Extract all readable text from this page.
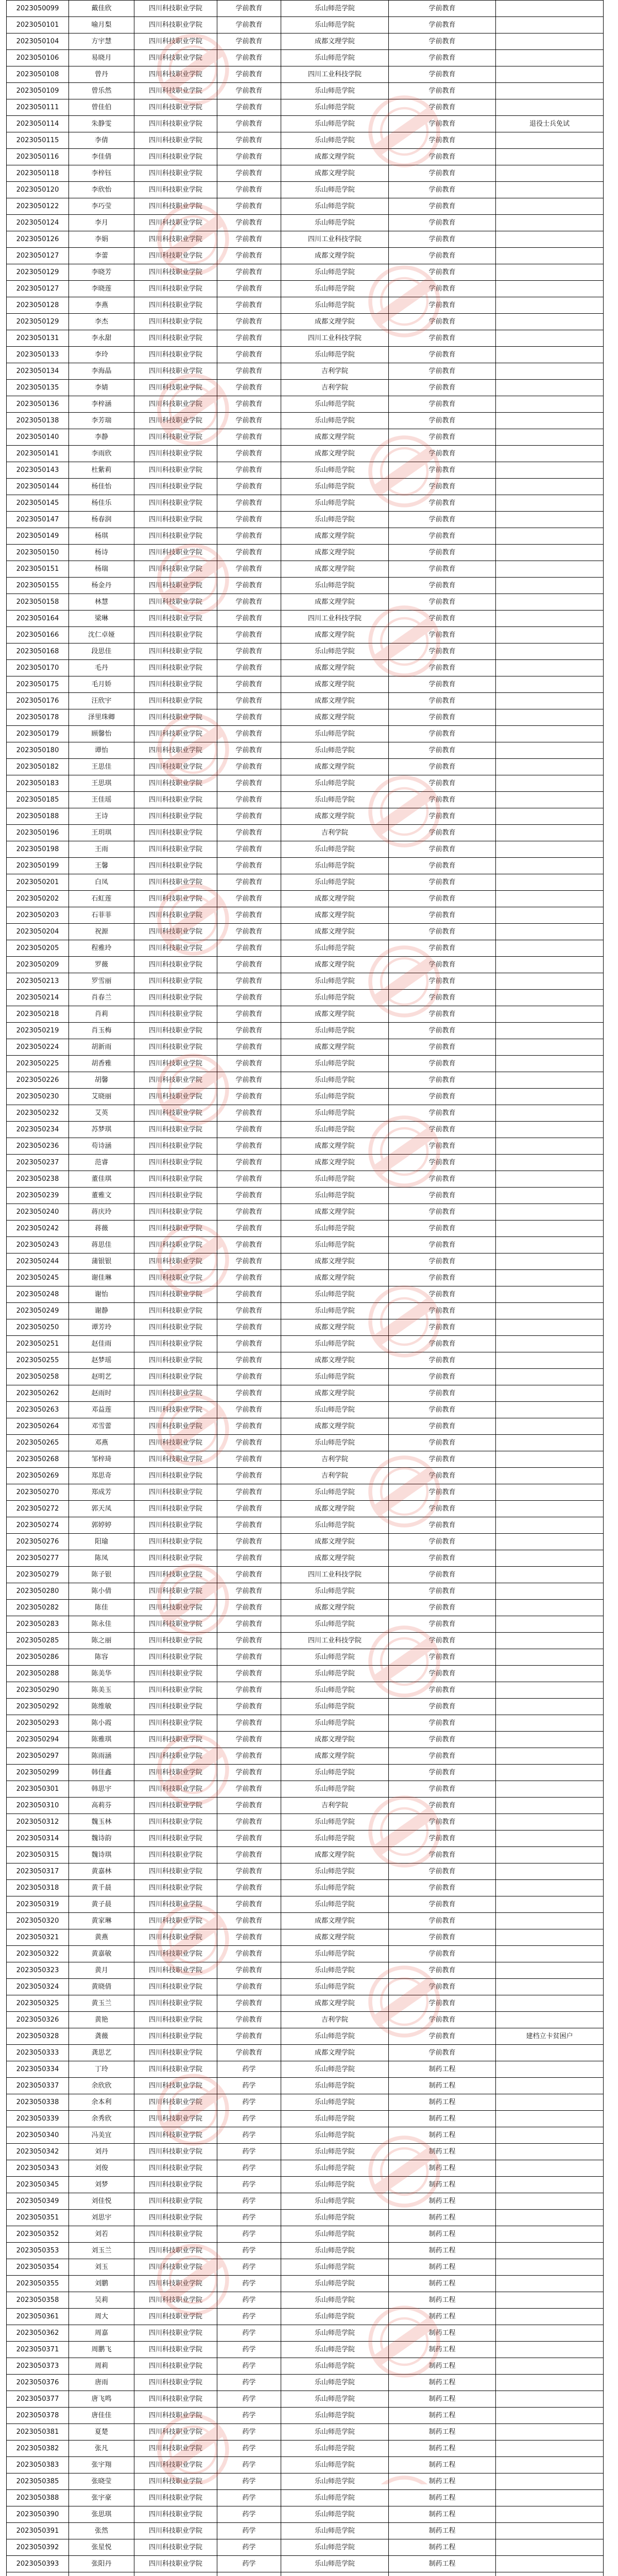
2023050099	戴佳欣	四川科技职业学院	学前教育	乐山师范学院	学前教育	
2023050101	喻月梨	四川科技职业学院	学前教育	乐山师范学院	学前教育	
2023050104	方宇慧	四川科技职业学院	学前教育	成都文理学院	学前教育	
2023050106	易晓月	四川科技职业学院	学前教育	乐山师范学院	学前教育	
2023050108	曾丹	四川科技职业学院	学前教育	四川工业科技学院	学前教育	
2023050109	曾乐然	四川科技职业学院	学前教育	乐山师范学院	学前教育	
2023050111	曾佳伯	四川科技职业学院	学前教育	乐山师范学院	学前教育	
2023050114	朱静雯	四川科技职业学院	学前教育	乐山师范学院	学前教育	退役士兵免试
2023050115	李倩	四川科技职业学院	学前教育	乐山师范学院	学前教育	
2023050116	李佳倩	四川科技职业学院	学前教育	成都文理学院	学前教育	
2023050118	李梓钰	四川科技职业学院	学前教育	成都文理学院	学前教育	
2023050120	李欣怡	四川科技职业学院	学前教育	乐山师范学院	学前教育	
2023050122	李巧莹	四川科技职业学院	学前教育	乐山师范学院	学前教育	
2023050124	李月	四川科技职业学院	学前教育	乐山师范学院	学前教育	
2023050126	李娟	四川科技职业学院	学前教育	四川工业科技学院	学前教育	
2023050127	李蕾	四川科技职业学院	学前教育	成都文理学院	学前教育	
2023050129	李晓芳	四川科技职业学院	学前教育	乐山师范学院	学前教育	
2023050127	李晓莲	四川科技职业学院	学前教育	乐山师范学院	学前教育	
2023050128	李燕	四川科技职业学院	学前教育	乐山师范学院	学前教育	
2023050129	李杰	四川科技职业学院	学前教育	成都文理学院	学前教育	
2023050131	李永甜	四川科技职业学院	学前教育	四川工业科技学院	学前教育	
2023050133	李玲	四川科技职业学院	学前教育	乐山师范学院	学前教育	
2023050134	李海晶	四川科技职业学院	学前教育	吉利学院	学前教育	
2023050135	李婧	四川科技职业学院	学前教育	吉利学院	学前教育	
2023050136	李梓涵	四川科技职业学院	学前教育	乐山师范学院	学前教育	
2023050138	李芳瑞	四川科技职业学院	学前教育	乐山师范学院	学前教育	
2023050140	李静	四川科技职业学院	学前教育	成都文理学院	学前教育	
2023050141	李雨欣	四川科技职业学院	学前教育	成都文理学院	学前教育	
2023050143	杜紫莉	四川科技职业学院	学前教育	乐山师范学院	学前教育	
2023050144	杨佳怡	四川科技职业学院	学前教育	乐山师范学院	学前教育	
2023050145	杨佳乐	四川科技职业学院	学前教育	乐山师范学院	学前教育	
2023050147	杨春润	四川科技职业学院	学前教育	乐山师范学院	学前教育	
2023050149	杨琪	四川科技职业学院	学前教育	成都文理学院	学前教育	
2023050150	杨诗	四川科技职业学院	学前教育	成都文理学院	学前教育	
2023050151	杨瑞	四川科技职业学院	学前教育	成都文理学院	学前教育	
2023050155	杨金丹	四川科技职业学院	学前教育	乐山师范学院	学前教育	
2023050158	林慧	四川科技职业学院	学前教育	成都文理学院	学前教育	
2023050164	梁琳	四川科技职业学院	学前教育	四川工业科技学院	学前教育	
2023050166	沈仁卓娅	四川科技职业学院	学前教育	成都文理学院	学前教育	
2023050168	段思佳	四川科技职业学院	学前教育	乐山师范学院	学前教育	
2023050170	毛丹	四川科技职业学院	学前教育	成都文理学院	学前教育	
2023050175	毛月娇	四川科技职业学院	学前教育	成都文理学院	学前教育	
2023050176	汪欣宇	四川科技职业学院	学前教育	成都文理学院	学前教育	
2023050178	泽里珠卿	四川科技职业学院	学前教育	成都文理学院	学前教育	
2023050179	顾馨怡	四川科技职业学院	学前教育	乐山师范学院	学前教育	
2023050180	谭怡	四川科技职业学院	学前教育	乐山师范学院	学前教育	
2023050182	王思佳	四川科技职业学院	学前教育	成都文理学院	学前教育	
2023050183	王思琪	四川科技职业学院	学前教育	乐山师范学院	学前教育	
2023050185	王佳瑶	四川科技职业学院	学前教育	乐山师范学院	学前教育	
2023050188	王诗	四川科技职业学院	学前教育	成都文理学院	学前教育	
2023050196	王玥琪	四川科技职业学院	学前教育	吉利学院	学前教育	
2023050198	王雨	四川科技职业学院	学前教育	乐山师范学院	学前教育	
2023050199	王馨	四川科技职业学院	学前教育	乐山师范学院	学前教育	
2023050201	白凤	四川科技职业学院	学前教育	乐山师范学院	学前教育	
2023050202	石虹莲	四川科技职业学院	学前教育	成都文理学院	学前教育	
2023050203	石菲菲	四川科技职业学院	学前教育	成都文理学院	学前教育	
2023050204	祝源	四川科技职业学院	学前教育	成都文理学院	学前教育	
2023050205	程雅玲	四川科技职业学院	学前教育	乐山师范学院	学前教育	
2023050209	罗薇	四川科技职业学院	学前教育	成都文理学院	学前教育	
2023050213	罗雪丽	四川科技职业学院	学前教育	乐山师范学院	学前教育	
2023050214	肖春兰	四川科技职业学院	学前教育	乐山师范学院	学前教育	
2023050218	肖莉	四川科技职业学院	学前教育	成都文理学院	学前教育	
2023050219	肖玉梅	四川科技职业学院	学前教育	乐山师范学院	学前教育	
2023050224	胡新雨	四川科技职业学院	学前教育	成都文理学院	学前教育	
2023050225	胡香雅	四川科技职业学院	学前教育	乐山师范学院	学前教育	
2023050226	胡馨	四川科技职业学院	学前教育	乐山师范学院	学前教育	
2023050230	艾晓丽	四川科技职业学院	学前教育	乐山师范学院	学前教育	
2023050232	艾英	四川科技职业学院	学前教育	乐山师范学院	学前教育	
2023050234	苏梦琪	四川科技职业学院	学前教育	乐山师范学院	学前教育	
2023050236	苟诗涵	四川科技职业学院	学前教育	成都文理学院	学前教育	
2023050237	范睿	四川科技职业学院	学前教育	成都文理学院	学前教育	
2023050238	董佳琪	四川科技职业学院	学前教育	乐山师范学院	学前教育	
2023050239	董雅文	四川科技职业学院	学前教育	乐山师范学院	学前教育	
2023050240	蒋庆玲	四川科技职业学院	学前教育	成都文理学院	学前教育	
2023050242	蒋薇	四川科技职业学院	学前教育	乐山师范学院	学前教育	
2023050243	蒋思佳	四川科技职业学院	学前教育	乐山师范学院	学前教育	
2023050244	蒲银银	四川科技职业学院	学前教育	成都文理学院	学前教育	
2023050245	谢佳琳	四川科技职业学院	学前教育	成都文理学院	学前教育	
2023050248	谢怡	四川科技职业学院	学前教育	乐山师范学院	学前教育	
2023050249	谢静	四川科技职业学院	学前教育	乐山师范学院	学前教育	
2023050250	谭芳玲	四川科技职业学院	学前教育	成都文理学院	学前教育	
2023050251	赵佳雨	四川科技职业学院	学前教育	乐山师范学院	学前教育	
2023050255	赵梦瑶	四川科技职业学院	学前教育	成都文理学院	学前教育	
2023050258	赵明艺	四川科技职业学院	学前教育	乐山师范学院	学前教育	
2023050262	赵雨时	四川科技职业学院	学前教育	成都文理学院	学前教育	
2023050263	邓益莲	四川科技职业学院	学前教育	乐山师范学院	学前教育	
2023050264	邓雪蕾	四川科技职业学院	学前教育	成都文理学院	学前教育	
2023050265	邓燕	四川科技职业学院	学前教育	乐山师范学院	学前教育	
2023050268	邹梓琦	四川科技职业学院	学前教育	吉利学院	学前教育	
2023050269	郑思奇	四川科技职业学院	学前教育	吉利学院	学前教育	
2023050270	郑成芳	四川科技职业学院	学前教育	乐山师范学院	学前教育	
2023050272	郭天凤	四川科技职业学院	学前教育	成都文理学院	学前教育	
2023050274	郭婷婷	四川科技职业学院	学前教育	乐山师范学院	学前教育	
2023050276	阳瑜	四川科技职业学院	学前教育	成都文理学院	学前教育	
2023050277	陈凤	四川科技职业学院	学前教育	成都文理学院	学前教育	
2023050279	陈子银	四川科技职业学院	学前教育	四川工业科技学院	学前教育	
2023050280	陈小倩	四川科技职业学院	学前教育	乐山师范学院	学前教育	
2023050282	陈佳	四川科技职业学院	学前教育	成都文理学院	学前教育	
2023050283	陈永佳	四川科技职业学院	学前教育	乐山师范学院	学前教育	
2023050285	陈之丽	四川科技职业学院	学前教育	四川工业科技学院	学前教育	
2023050286	陈容	四川科技职业学院	学前教育	乐山师范学院	学前教育	
2023050288	陈美华	四川科技职业学院	学前教育	乐山师范学院	学前教育	
2023050290	陈美玉	四川科技职业学院	学前教育	乐山师范学院	学前教育	
2023050292	陈维敏	四川科技职业学院	学前教育	乐山师范学院	学前教育	
2023050293	陈小霞	四川科技职业学院	学前教育	乐山师范学院	学前教育	
2023050294	陈雅琪	四川科技职业学院	学前教育	成都文理学院	学前教育	
2023050297	陈雨涵	四川科技职业学院	学前教育	成都文理学院	学前教育	
2023050299	韩佳鑫	四川科技职业学院	学前教育	乐山师范学院	学前教育	
2023050301	韩思宇	四川科技职业学院	学前教育	乐山师范学院	学前教育	
2023050310	高莉芬	四川科技职业学院	学前教育	吉利学院	学前教育	
2023050312	魏玉林	四川科技职业学院	学前教育	乐山师范学院	学前教育	
2023050314	魏诗韵	四川科技职业学院	学前教育	乐山师范学院	学前教育	
2023050315	魏诗琪	四川科技职业学院	学前教育	成都文理学院	学前教育	
2023050317	黄嘉林	四川科技职业学院	学前教育	乐山师范学院	学前教育	
2023050318	黄千晨	四川科技职业学院	学前教育	乐山师范学院	学前教育	
2023050319	黄子晨	四川科技职业学院	学前教育	乐山师范学院	学前教育	
2023050320	黄家琳	四川科技职业学院	学前教育	成都文理学院	学前教育	
2023050321	黄燕	四川科技职业学院	学前教育	成都文理学院	学前教育	
2023050322	黄嘉敏	四川科技职业学院	学前教育	乐山师范学院	学前教育	
2023050323	黄月	四川科技职业学院	学前教育	乐山师范学院	学前教育	
2023050324	黄晓倩	四川科技职业学院	学前教育	乐山师范学院	学前教育	
2023050325	黄玉兰	四川科技职业学院	学前教育	成都文理学院	学前教育	
2023050326	黄艳	四川科技职业学院	学前教育	吉利学院	学前教育	
2023050328	龚薇	四川科技职业学院	学前教育	乐山师范学院	学前教育	建档立卡贫困户
2023050333	龚思艺	四川科技职业学院	学前教育	成都文理学院	学前教育	
2023050334	丁玲	四川科技职业学院	药学	乐山师范学院	制药工程	
2023050337	余欣欣	四川科技职业学院	药学	乐山师范学院	制药工程	
2023050338	余本利	四川科技职业学院	药学	乐山师范学院	制药工程	
2023050339	余秀欣	四川科技职业学院	药学	乐山师范学院	制药工程	
2023050340	冯美宜	四川科技职业学院	药学	乐山师范学院	制药工程	
2023050342	刘丹	四川科技职业学院	药学	乐山师范学院	制药工程	
2023050343	刘俊	四川科技职业学院	药学	乐山师范学院	制药工程	
2023050345	刘梦	四川科技职业学院	药学	乐山师范学院	制药工程	
2023050349	刘佳悦	四川科技职业学院	药学	乐山师范学院	制药工程	
2023050351	刘思宇	四川科技职业学院	药学	乐山师范学院	制药工程	
2023050352	刘若	四川科技职业学院	药学	乐山师范学院	制药工程	
2023050353	刘玉兰	四川科技职业学院	药学	乐山师范学院	制药工程	
2023050354	刘玉	四川科技职业学院	药学	乐山师范学院	制药工程	
2023050355	刘鹏	四川科技职业学院	药学	乐山师范学院	制药工程	
2023050358	吴莉	四川科技职业学院	药学	乐山师范学院	制药工程	
2023050361	周大	四川科技职业学院	药学	乐山师范学院	制药工程	
2023050362	周嘉	四川科技职业学院	药学	乐山师范学院	制药工程	
2023050371	周鹏飞	四川科技职业学院	药学	乐山师范学院	制药工程	
2023050373	周莉	四川科技职业学院	药学	乐山师范学院	制药工程	
2023050376	唐雨	四川科技职业学院	药学	乐山师范学院	制药工程	
2023050377	唐飞鸣	四川科技职业学院	药学	乐山师范学院	制药工程	
2023050378	唐佳佳	四川科技职业学院	药学	乐山师范学院	制药工程	
2023050381	夏楚	四川科技职业学院	药学	乐山师范学院	制药工程	
2023050382	张凡	四川科技职业学院	药学	乐山师范学院	制药工程	
2023050383	张宇翔	四川科技职业学院	药学	乐山师范学院	制药工程	
2023050385	张晓莹	四川科技职业学院	药学	乐山师范学院	制药工程	
2023050388	张宇豪	四川科技职业学院	药学	乐山师范学院	制药工程	
2023050390	张思琪	四川科技职业学院	药学	乐山师范学院	制药工程	
2023050391	张然	四川科技职业学院	药学	乐山师范学院	制药工程	
2023050392	张星悦	四川科技职业学院	药学	乐山师范学院	制药工程	
2023050393	张阳丹	四川科技职业学院	药学	乐山师范学院	制药工程	
